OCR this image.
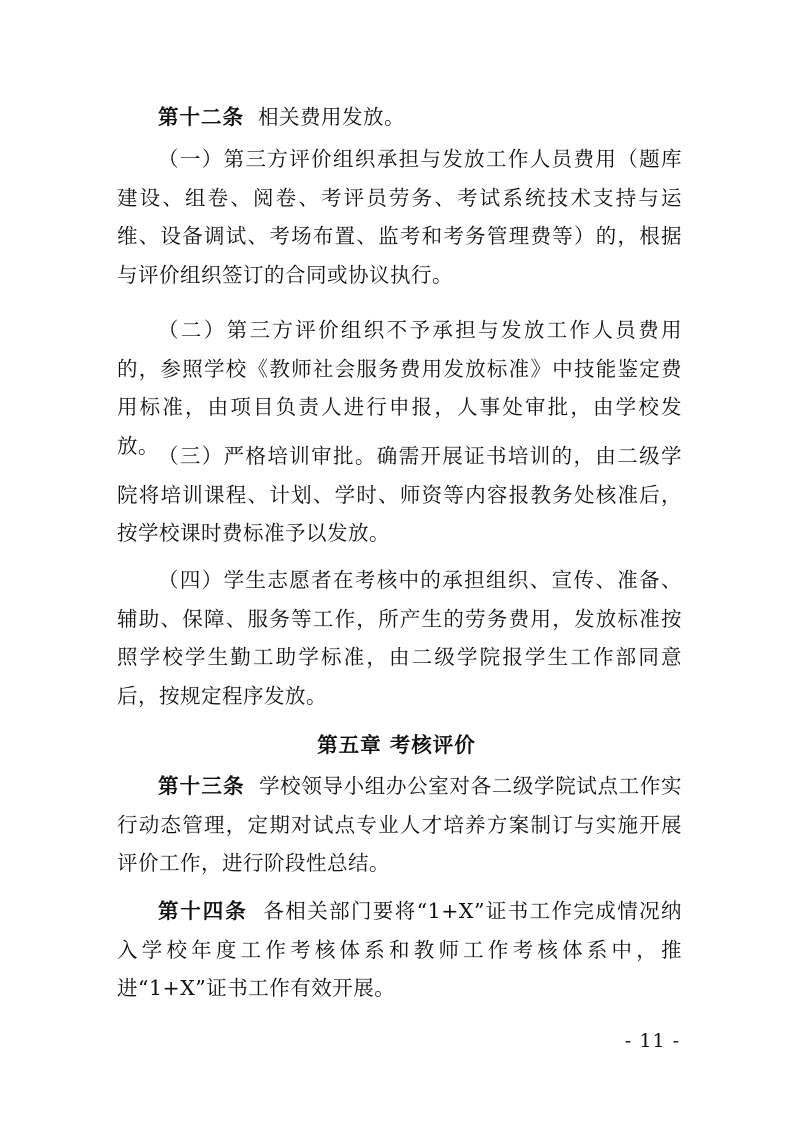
第十二条 相关费用发放。
（一）第三方评价组织承担与发放工作人员费用（题库建设、组卷、阅卷、考评员劳务、考试系统技术支持与运维、设备调试、考场布置、监考和考务管理费等）的，根据与评价组织签订的合同或协议执行。
（二）第三方评价组织不予承担与发放工作人员费用的，参照学校《教师社会服务费用发放标准》中技能鉴定费用标准，由项目负责人进行申报，人事处审批，由学校发放。 （三）严格培训审批。确需开展证书培训的，由二级学院将培训课程、计划、学时、师资等内容报教务处核准后，按学校课时费标准予以发放。
（四）学生志愿者在考核中的承担组织、宣传、准备、辅助、保障、服务等工作，所产生的劳务费用，发放标准按照学校学生勤工助学标准，由二级学院报学生工作部同意后，按规定程序发放。
第五章 考核评价
第十三条 学校领导小组办公室对各二级学院试点工作实行动态管理，定期对试点专业人才培养方案制订与实施开展评价工作，进行阶段性总结。
第十四条 各相关部门要将“1+X”证书工作完成情况纳入学校年度工作考核体系和教师工作考核体系中，推进“1+X”证书工作有效开展。
- 11 -
